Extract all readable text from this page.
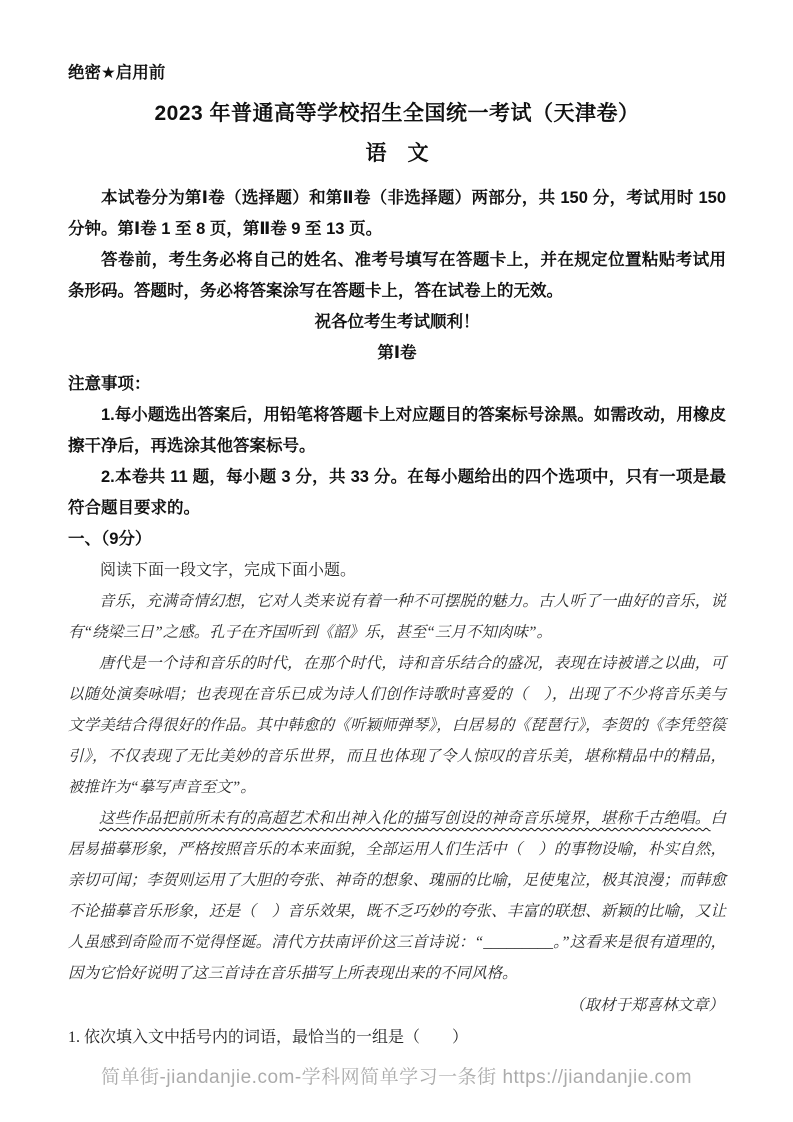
绝密★启用前

2023 年普通高等学校招生全国统一考试（天津卷）

语　文

本试卷分为第Ⅰ卷（选择题）和第Ⅱ卷（非选择题）两部分，共 150 分，考试用时 150 分钟。第Ⅰ卷 1 至 8 页，第Ⅱ卷 9 至 13 页。

答卷前，考生务必将自己的姓名、准考号填写在答题卡上，并在规定位置粘贴考试用条形码。答题时，务必将答案涂写在答题卡上，答在试卷上的无效。

祝各位考生考试顺利！

第Ⅰ卷

注意事项：

1.每小题选出答案后，用铅笔将答题卡上对应题目的答案标号涂黑。如需改动，用橡皮擦干净后，再选涂其他答案标号。

2.本卷共 11 题，每小题 3 分，共 33 分。在每小题给出的四个选项中，只有一项是最符合题目要求的。

一、（9分）

阅读下面一段文字，完成下面小题。

音乐，充满奇情幻想，它对人类来说有着一种不可摆脱的魅力。古人听了一曲好的音乐，说有“绕梁三日”之感。孔子在齐国听到《韶》乐，甚至“三月不知肉味”。

唐代是一个诗和音乐的时代，在那个时代，诗和音乐结合的盛况，表现在诗被谱之以曲，可以随处演奏咏唱；也表现在音乐已成为诗人们创作诗歌时喜爱的（　），出现了不少将音乐美与文学美结合得很好的作品。其中韩愈的《听颖师弹琴》，白居易的《琵琶行》，李贺的《李凭箜篌引》，不仅表现了无比美妙的音乐世界，而且也体现了令人惊叹的音乐美，堪称精品中的精品，被推许为“摹写声音至文”。

这些作品把前所未有的高超艺术和出神入化的描写创设的神奇音乐境界，堪称千古绝唱。白居易描摹形象，严格按照音乐的本来面貌，全部运用人们生活中（　）的事物设喻，朴实自然，亲切可闻；李贺则运用了大胆的夸张、神奇的想象、瑰丽的比喻，足使鬼泣，极其浪漫；而韩愈不论描摹音乐形象，还是（　）音乐效果，既不乏巧妙的夸张、丰富的联想、新颖的比喻，又让人虽感到奇险而不觉得怪诞。清代方扶南评价这三首诗说：“_________。”这看来是很有道理的，因为它恰好说明了这三首诗在音乐描写上所表现出来的不同风格。

（取材于郑喜林文章）

1. 依次填入文中括号内的词语，最恰当的一组是（　　）

简单街-jiandanjie.com-学科网简单学习一条街 https://jiandanjie.com
